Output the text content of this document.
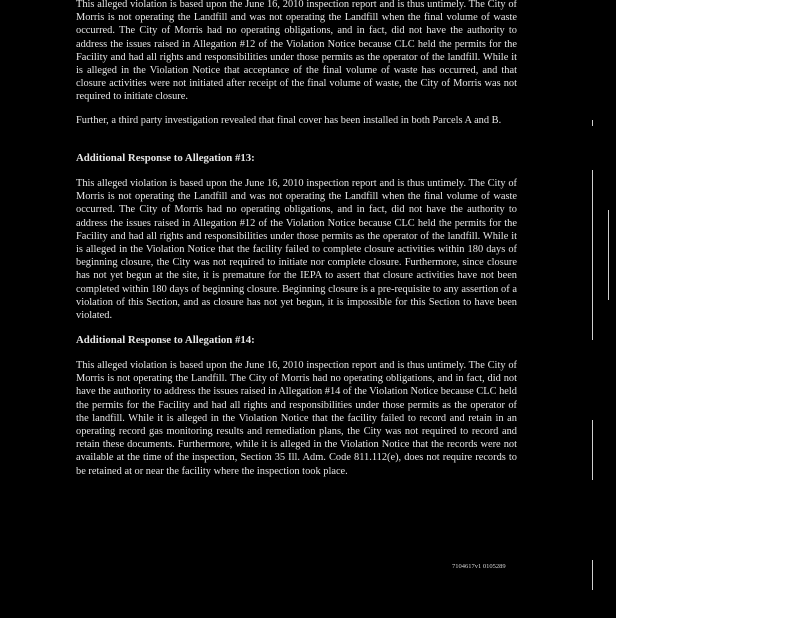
This alleged violation is based upon the June 16, 2010 inspection report and is thus untimely. The City of Morris is not operating the Landfill and was not operating the Landfill when the final volume of waste occurred. The City of Morris had no operating obligations, and in fact, did not have the authority to address the issues raised in Allegation #12 of the Violation Notice because CLC held the permits for the Facility and had all rights and responsibilities under those permits as the operator of the landfill. While it is alleged in the Violation Notice that acceptance of the final volume of waste has occurred, and that closure activities were not initiated after receipt of the final volume of waste, the City of Morris was not required to initiate closure.

Further, a third party investigation revealed that final cover has been installed in both Parcels A and B.

Additional Response to Allegation #13:

This alleged violation is based upon the June 16, 2010 inspection report and is thus untimely. The City of Morris is not operating the Landfill and was not operating the Landfill when the final volume of waste occurred. The City of Morris had no operating obligations, and in fact, did not have the authority to address the issues raised in Allegation #12 of the Violation Notice because CLC held the permits for the Facility and had all rights and responsibilities under those permits as the operator of the landfill. While it is alleged in the Violation Notice that the facility failed to complete closure activities within 180 days of beginning closure, the City was not required to initiate nor complete closure. Furthermore, since closure has not yet begun at the site, it is premature for the IEPA to assert that closure activities have not been completed within 180 days of beginning closure. Beginning closure is a pre-requisite to any assertion of a violation of this Section, and as closure has not yet begun, it is impossible for this Section to have been violated.

Additional Response to Allegation #14:

This alleged violation is based upon the June 16, 2010 inspection report and is thus untimely. The City of Morris is not operating the Landfill. The City of Morris had no operating obligations, and in fact, did not have the authority to address the issues raised in Allegation #14 of the Violation Notice because CLC held the permits for the Facility and had all rights and responsibilities under those permits as the operator of the landfill. While it is alleged in the Violation Notice that the facility failed to record and retain in an operating record gas monitoring results and remediation plans, the City was not required to record and retain these documents. Furthermore, while it is alleged in the Violation Notice that the records were not available at the time of the inspection, Section 35 Ill. Adm. Code 811.112(e), does not require records to be retained at or near the facility where the inspection took place.

7104617v1 0105289
